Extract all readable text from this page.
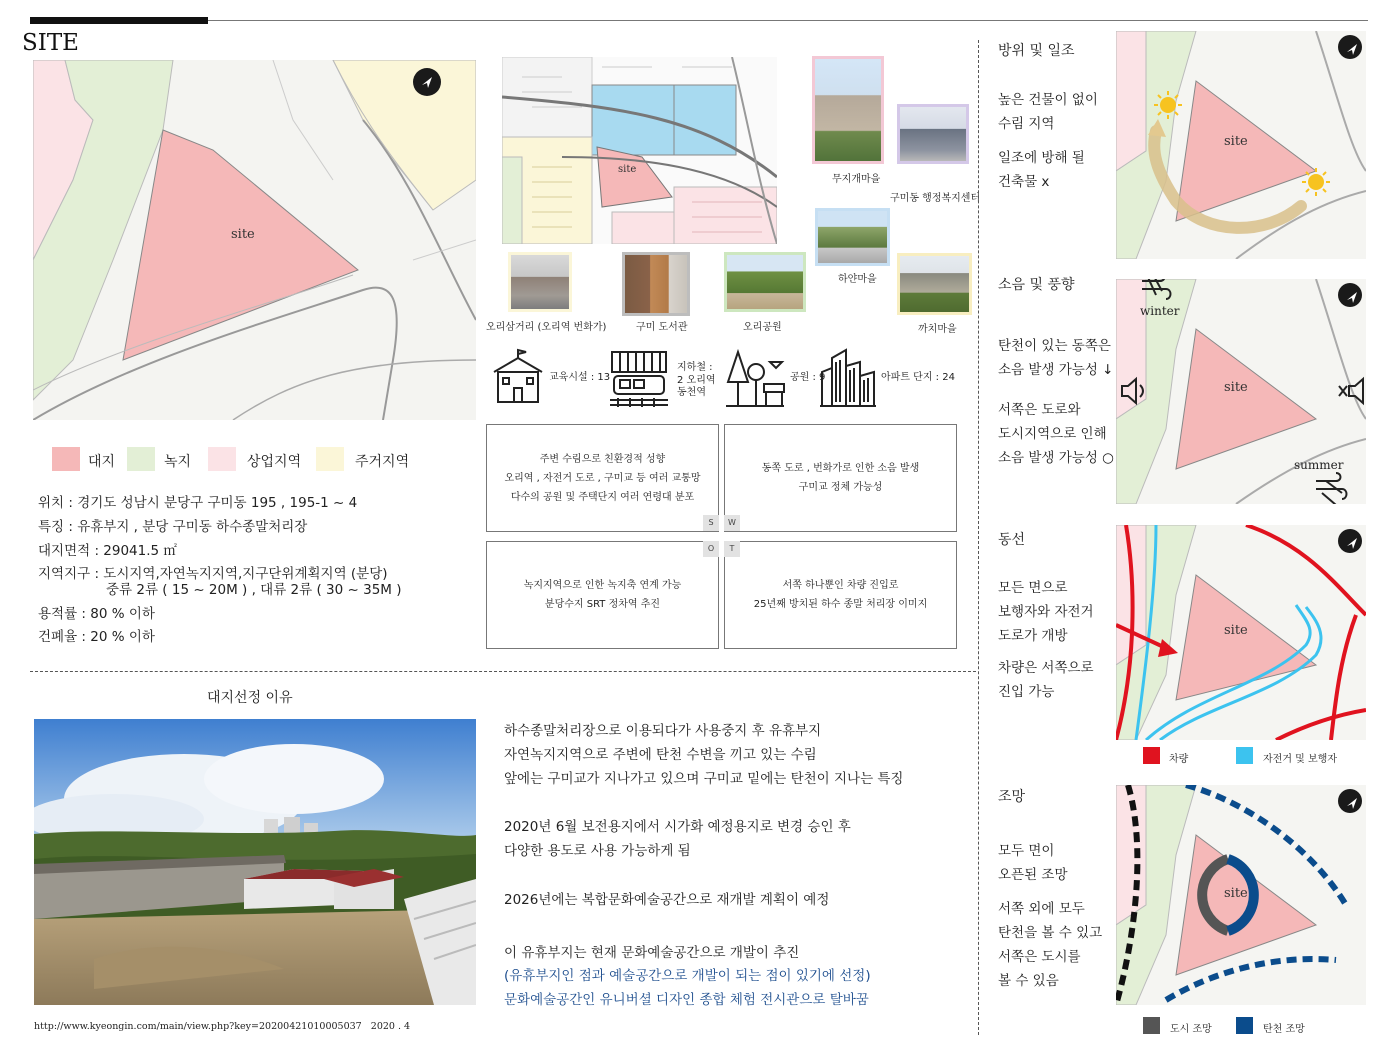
SITE
site
대지	녹지	상업지역	주거지역
위치 : 경기도 성남시 분당구 구미동 195 , 195-1 ~ 4
특징 : 유휴부지 , 분당 구미동 하수종말처리장
대지면적 : 29041.5 ㎡
지역지구 : 도시지역,자연녹지지역,지구단위계획지역 (분당)
중류 2류 ( 15 ~ 20M ) , 대류 2류 ( 30 ~ 35M )
용적률 : 80 % 이하
건폐율 : 20 % 이하
site
무지개마을
구미동 행정복지센터
하얀마을
오리삼거리 (오리역 번화가)	구미 도서관	오리공원	까치마을
교육시설 : 13
지하철 : 2 오리역 동천역
공원 : 9	아파트 단지 : 24
주변 수림으로 친환경적 성향
오리역 , 자전거 도로 , 구미교 등 여러 교통망
다수의 공원 및 주택단지 여러 연령대 분포
동쪽 도로 , 번화가로 인한 소음 발생
구미교 정체 가능성
녹지지역으로 인한 녹지축 연계 가능
분당수지 SRT 정차역 추진
서쪽 하나뿐인 차량 진입로
25년째 방치된 하수 종말 처리장 이미지
S	W
O	T
대지선정 이유
하수종말처리장으로 이용되다가 사용중지 후 유휴부지
자연녹지지역으로 주변에 탄천 수변을 끼고 있는 수림
앞에는 구미교가 지나가고 있으며 구미교 밑에는 탄천이 지나는 특징
2020년 6월 보전용지에서 시가화 예정용지로 변경 승인 후
다양한 용도로 사용 가능하게 됨
2026년에는 복합문화예술공간으로 재개발 계획이 예정
이 유휴부지는 현재 문화예술공간으로 개발이 추진
(유휴부지인 점과 예술공간으로 개발이 되는 점이 있기에 선정)
문화예술공간인 유니버셜 디자인 종합 체험 전시관으로 탈바꿈
http://www.kyeongin.com/main/view.php?key=20200421010005037   2020 . 4
방위 및 일조
높은 건물이 없이
수림 지역
일조에 방해 될
건축물 x
site
소음 및 풍향
탄천이 있는 동쪽은
소음 발생 가능성 ↓
서쪽은 도로와
도시지역으로 인해
소음 발생 가능성 ○
winter
summer
site
동선
모든 면으로
보행자와 자전거
도로가 개방
차량은 서쪽으로
진입 가능
site
차량	자전거 및 보행자
조망
모두 면이
오픈된 조망
서쪽 외에 모두
탄천을 볼 수 있고
서쪽은 도시를
볼 수 있음
site
도시 조망	탄천 조망
